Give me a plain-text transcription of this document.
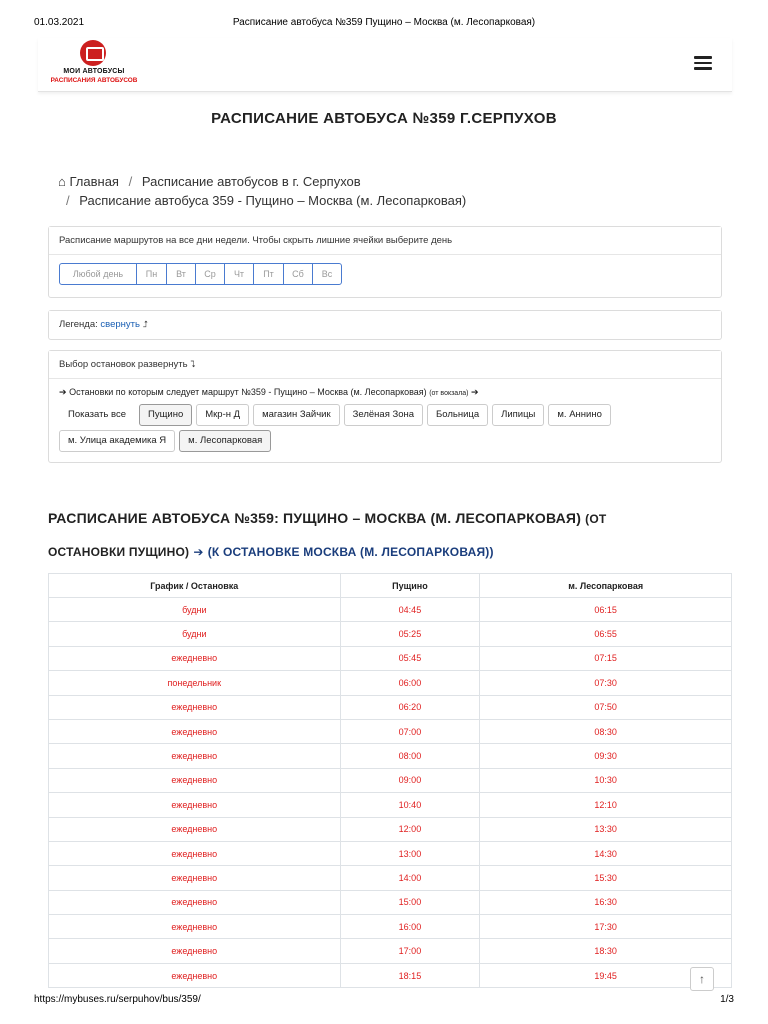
01.03.2021	Расписание автобуса №359 Пущино – Москва (м. Лесопарковая)
МОИ АВТОБУСЫ
РАСПИСАНИЯ АВТОБУСОВ
РАСПИСАНИЕ АВТОБУСА №359 Г.СЕРПУХОВ
⌂ Главная / Расписание автобусов в г. Серпухов
/ Расписание автобуса 359 - Пущино – Москва (м. Лесопарковая)
Расписание маршрутов на все дни недели. Чтобы скрыть лишние ячейки выберите день
Любой день	Пн	Вт	Ср	Чт	Пт	Сб	Вс
Легенда: свернуть ⮥
Выбор остановок развернуть ⮧
➔ Остановки по которым следует маршрут №359 - Пущино – Москва (м. Лесопарковая) (от вокзала) ➔
Показать все	Пущино	Мкр-н Д	магазин Зайчик	Зелёная Зона	Больница	Липицы	м. Аннино
м. Улица академика Я	м. Лесопарковая
РАСПИСАНИЕ АВТОБУСА №359: ПУЩИНО – МОСКВА (М. ЛЕСОПАРКОВАЯ) (ОТ
ОСТАНОВКИ ПУЩИНО) ➔ (К ОСТАНОВКЕ МОСКВА (М. ЛЕСОПАРКОВАЯ))
График / Остановка	Пущино	м. Лесопарковая
будни	04:45	06:15
будни	05:25	06:55
ежедневно	05:45	07:15
понедельник	06:00	07:30
ежедневно	06:20	07:50
ежедневно	07:00	08:30
ежедневно	08:00	09:30
ежедневно	09:00	10:30
ежедневно	10:40	12:10
ежедневно	12:00	13:30
ежедневно	13:00	14:30
ежедневно	14:00	15:30
ежедневно	15:00	16:30
ежедневно	16:00	17:30
ежедневно	17:00	18:30
ежедневно	18:15	19:45	↑
https://mybuses.ru/serpuhov/bus/359/	1/3
